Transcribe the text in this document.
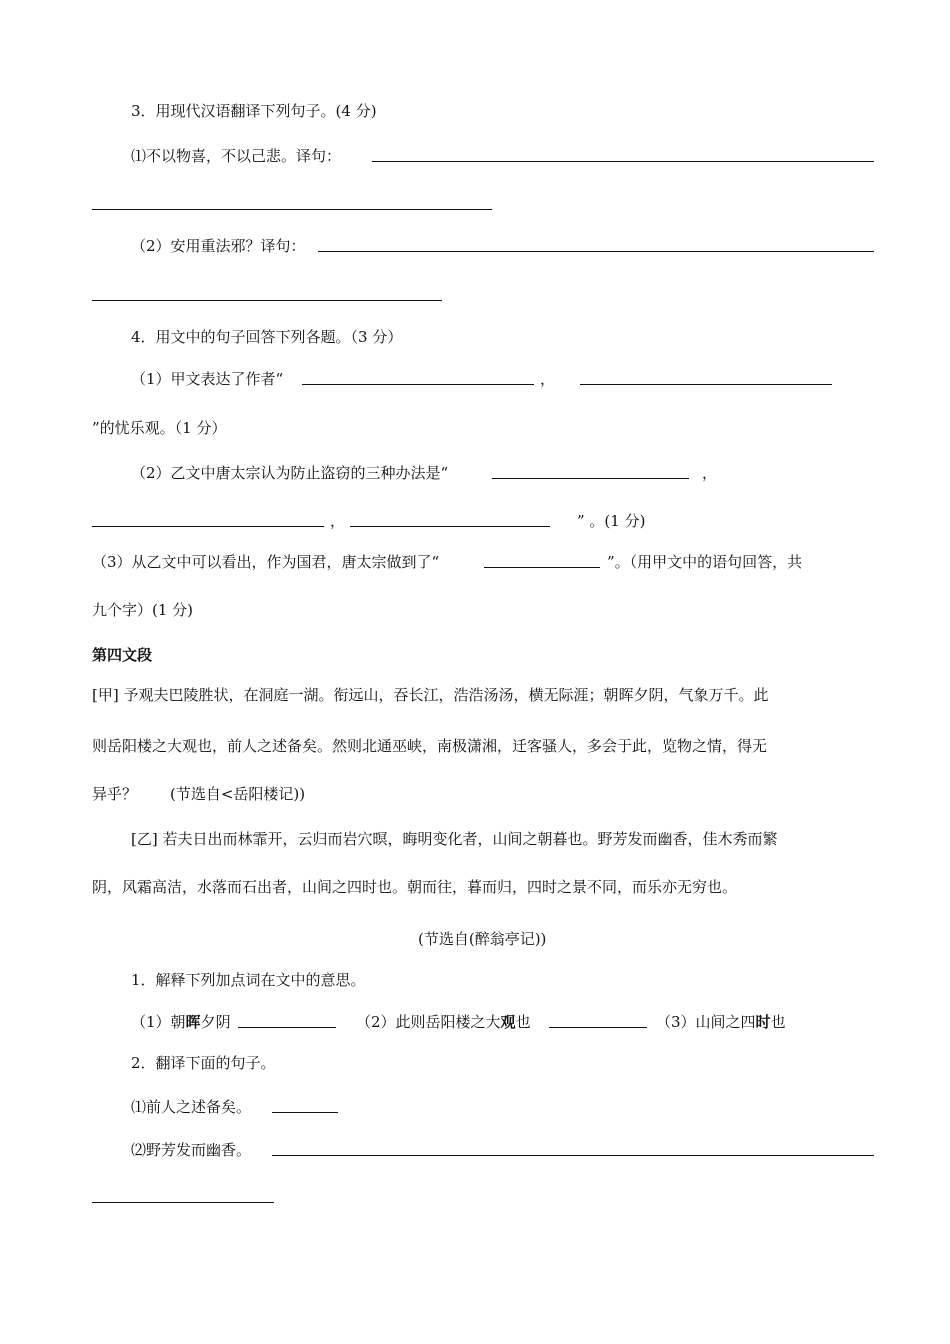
3．用现代汉语翻译下列句子。(4 分)
⑴不以物喜，不以己悲。译句：
（2）安用重法邪？译句：
4．用文中的句子回答下列各题。（3 分）
（1）甲文表达了作者“	，
”的忧乐观。（1 分）
（2）乙文中唐太宗认为防止盗窃的三种办法是“	，
，	” 。(1 分)
（3）从乙文中可以看出，作为国君，唐太宗做到了“	”。（用甲文中的语句回答，共
九个字）(1 分)
第四文段
[甲] 予观夫巴陵胜状，在洞庭一湖。衔远山，吞长江，浩浩汤汤，横无际涯；朝晖夕阴，气象万千。此
则岳阳楼之大观也，前人之述备矣。然则北通巫峡，南极潇湘，迁客骚人，多会于此，览物之情，得无
异乎？ (节选自<岳阳楼记))
[乙] 若夫日出而林霏开，云归而岩穴暝，晦明变化者，山间之朝暮也。野芳发而幽香，佳木秀而繁
阴，风霜高洁，水落而石出者，山间之四时也。朝而往，暮而归，四时之景不同，而乐亦无穷也。
(节选自(醉翁亭记))
1．解释下列加点词在文中的意思。
（1）朝晖夕阴	（2）此则岳阳楼之大观也	（3）山间之四时也
2．翻译下面的句子。
⑴前人之述备矣。
⑵野芳发而幽香。
